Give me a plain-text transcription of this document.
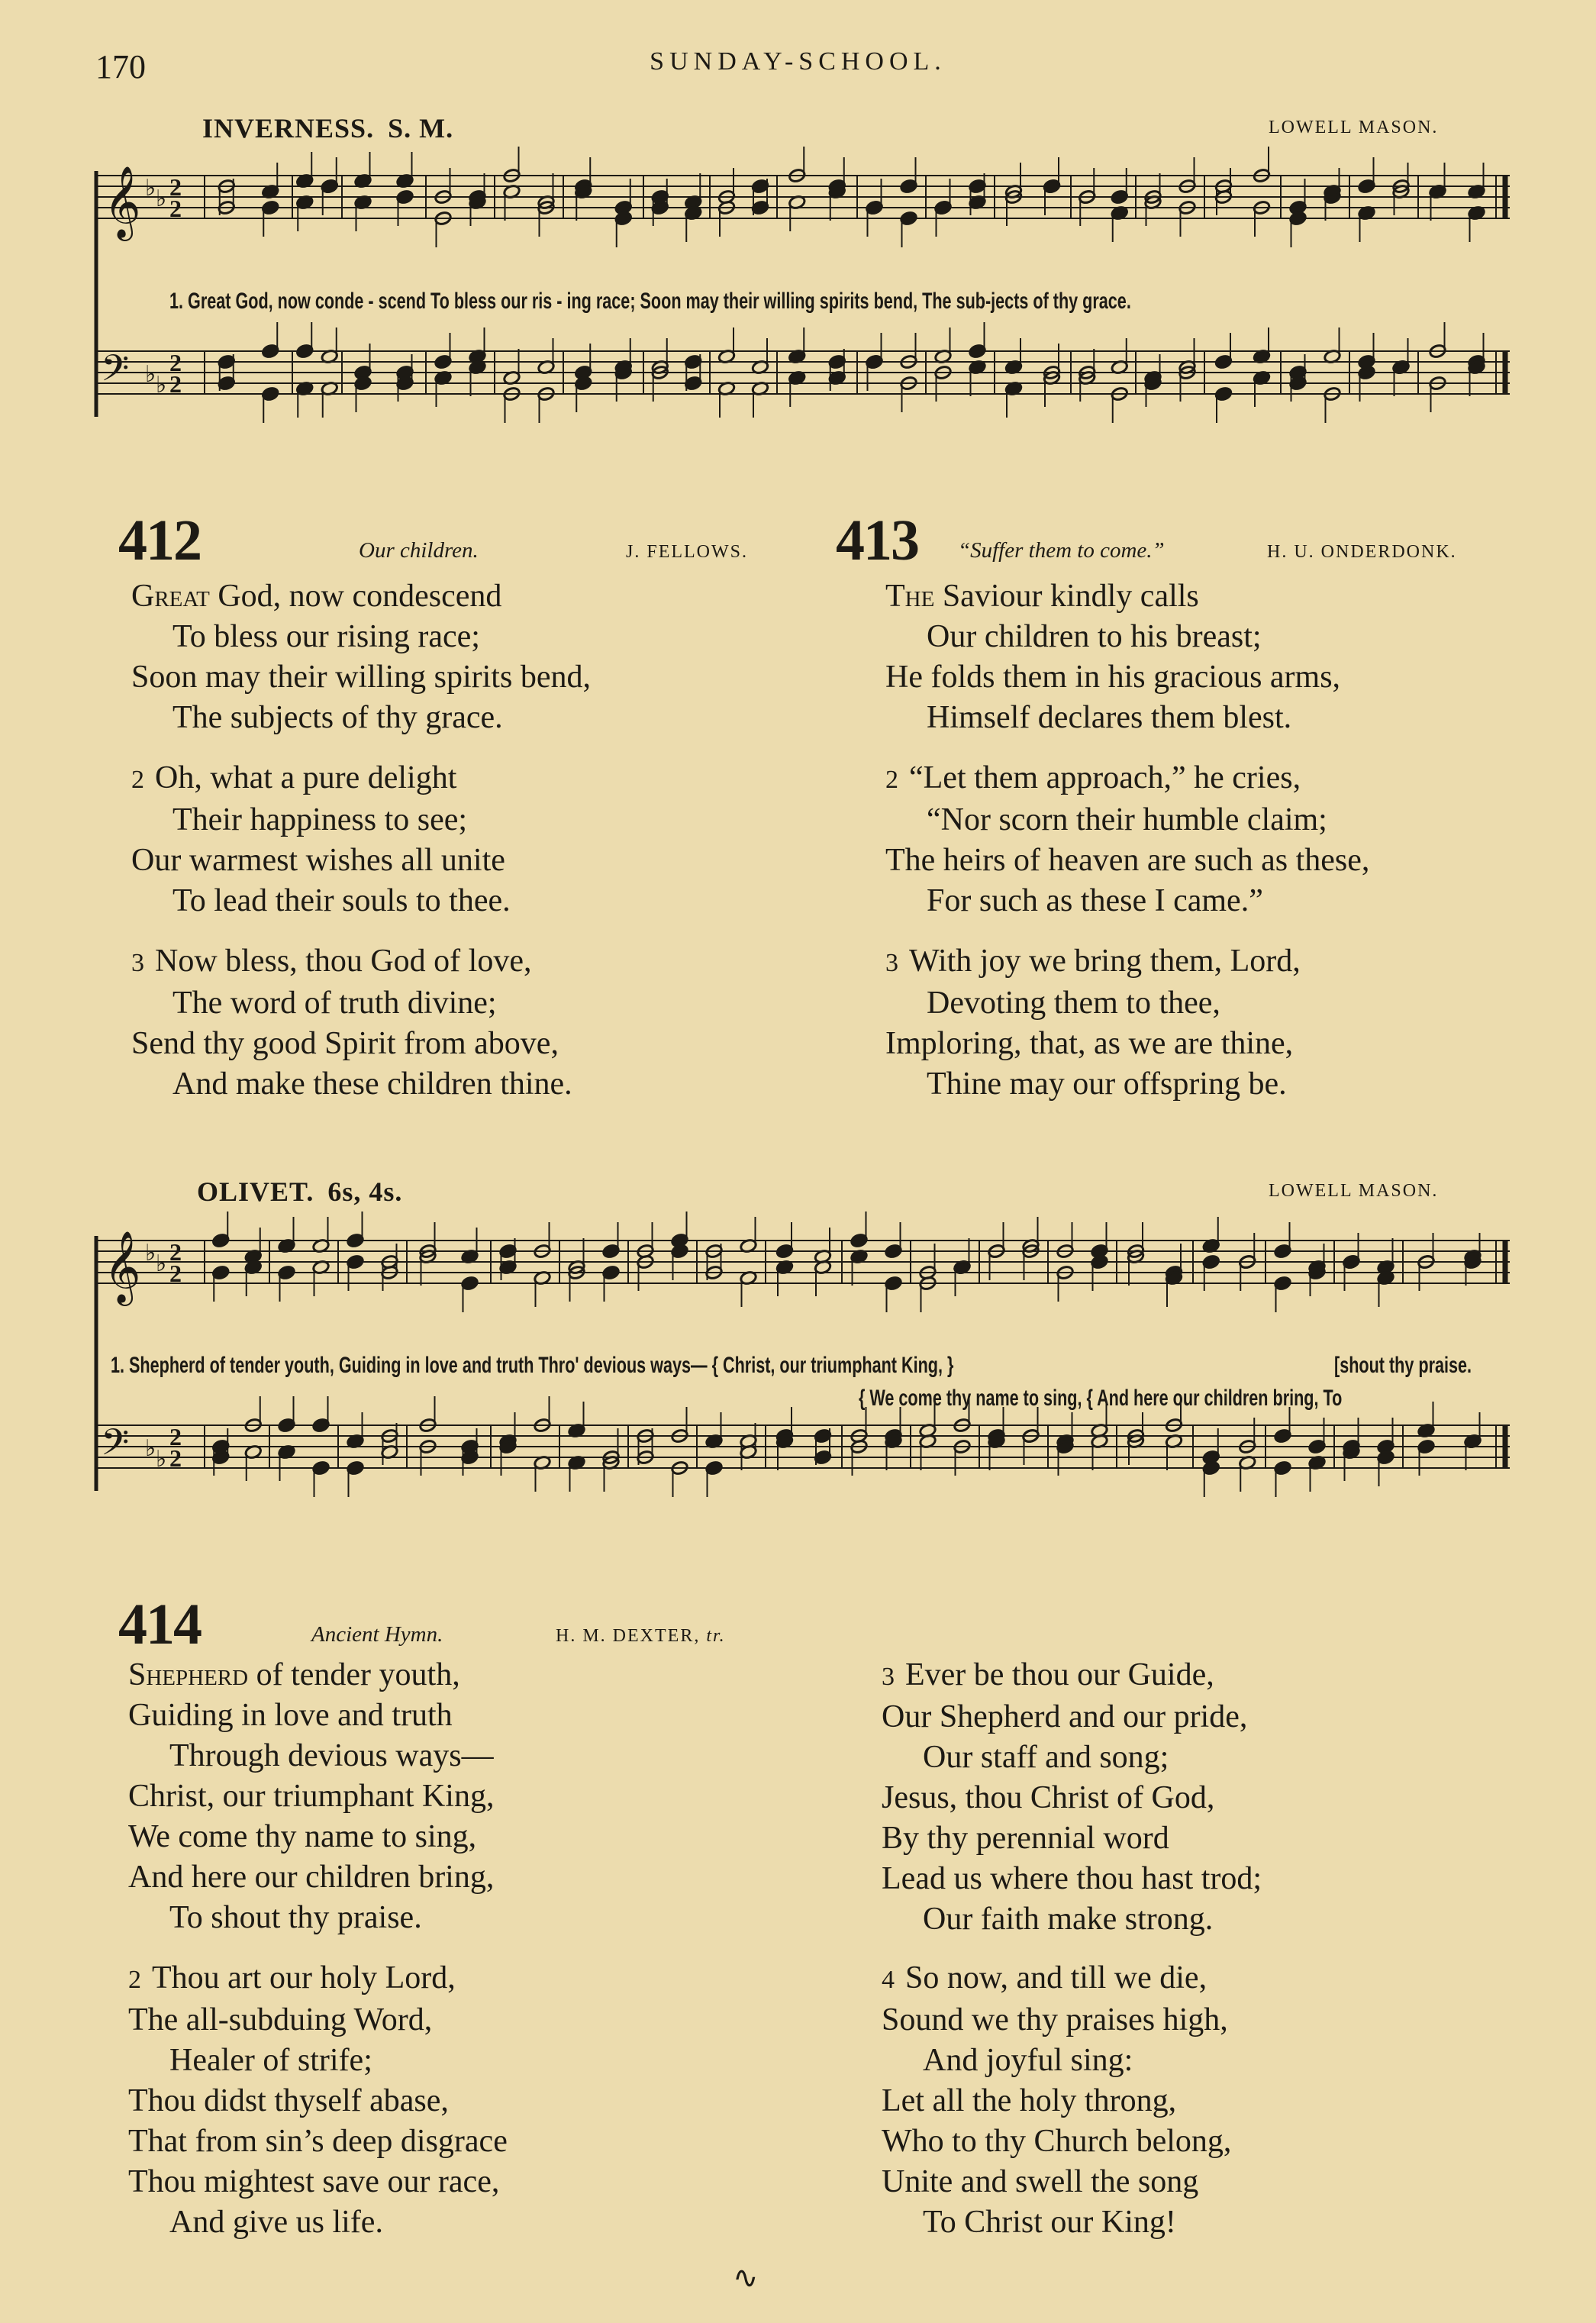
170	SUNDAY-SCHOOL.
INVERNESS. S. M.	LOWELL MASON.
𝄞
𝄢
♭
♭
♭
♭
2
2
2
2
1. Great God, now conde - scend To bless our ris - ing race; Soon may their willing spirits bend, The sub-jects of thy grace.
412	Our children.	J. FELLOWS.
Great God, now condescend
To bless our rising race;
Soon may their willing spirits bend,
The subjects of thy grace.
2 Oh, what a pure delight
Their happiness to see;
Our warmest wishes all unite
To lead their souls to thee.
3 Now bless, thou God of love,
The word of truth divine;
Send thy good Spirit from above,
And make these children thine.
413 “Suffer them to come.”	H. U. ONDERDONK.
The Saviour kindly calls
Our children to his breast;
He folds them in his gracious arms,
Himself declares them blest.
2 “Let them approach,” he cries,
“Nor scorn their humble claim;
The heirs of heaven are such as these,
For such as these I came.”
3 With joy we bring them, Lord,
Devoting them to thee,
Imploring, that, as we are thine,
Thine may our offspring be.
OLIVET. 6s, 4s.	LOWELL MASON.
𝄞
𝄢
♭
♭
♭
♭
2
2
2
2
1. Shepherd of tender youth, Guiding in love and truth Thro' devious ways— { Christ, our triumphant King, }	[shout thy praise.
{ We come thy name to sing, { And here our children bring, To
414	Ancient Hymn.	H. M. DEXTER, tr.
Shepherd of tender youth,
Guiding in love and truth
Through devious ways—
Christ, our triumphant King,
We come thy name to sing,
And here our children bring,
To shout thy praise.
2 Thou art our holy Lord,
The all-subduing Word,
Healer of strife;
Thou didst thyself abase,
That from sin’s deep disgrace
Thou mightest save our race,
And give us life.
3 Ever be thou our Guide,
Our Shepherd and our pride,
Our staff and song;
Jesus, thou Christ of God,
By thy perennial word
Lead us where thou hast trod;
Our faith make strong.
4 So now, and till we die,
Sound we thy praises high,
And joyful sing:
Let all the holy throng,
Who to thy Church belong,
Unite and swell the song
To Christ our King!
∿
